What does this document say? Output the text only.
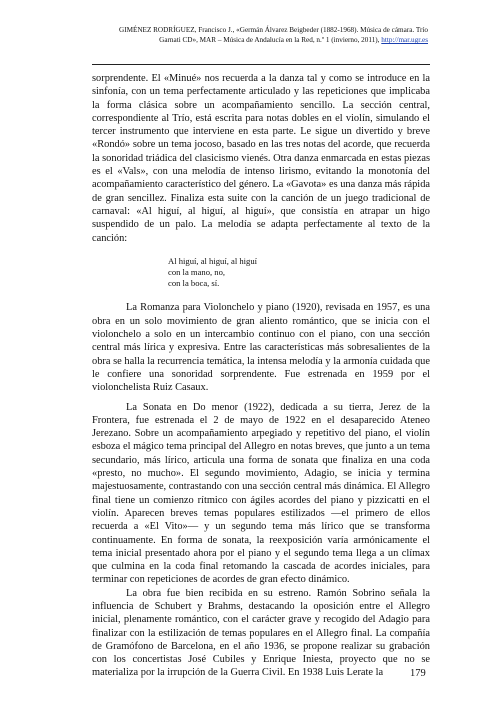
GIMÉNEZ RODRÍGUEZ, Francisco J., «Germán Álvarez Beigbeder (1882-1968). Música de cámara. Trío Garnati CD», MAR – Música de Andalucía en la Red, n.º 1 (invierno, 2011), http://mar.ugr.es

sorprendente. El «Minué» nos recuerda a la danza tal y como se introduce en la sinfonía, con un tema perfectamente articulado y las repeticiones que implicaba la forma clásica sobre un acompañamiento sencillo. La sección central, correspondiente al Trío, está escrita para notas dobles en el violín, simulando el tercer instrumento que interviene en esta parte. Le sigue un divertido y breve «Rondó» sobre un tema jocoso, basado en las tres notas del acorde, que recuerda la sonoridad triádica del clasicismo vienés. Otra danza enmarcada en estas piezas es el «Vals», con una melodía de intenso lirismo, evitando la monotonía del acompañamiento característico del género. La «Gavota» es una danza más rápida de gran sencillez. Finaliza esta suite con la canción de un juego tradicional de carnaval: «Al higuí, al higuí, al higuí», que consistía en atrapar un higo suspendido de un palo. La melodía se adapta perfectamente al texto de la canción:

Al higuí, al higuí, al higuí
con la mano, no,
con la boca, sí.

La Romanza para Violonchelo y piano (1920), revisada en 1957, es una obra en un solo movimiento de gran aliento romántico, que se inicia con el violonchelo a solo en un intercambio continuo con el piano, con una sección central más lírica y expresiva. Entre las características más sobresalientes de la obra se halla la recurrencia temática, la intensa melodía y la armonía cuidada que le confiere una sonoridad sorprendente. Fue estrenada en 1959 por el violonchelista Ruiz Casaux.

La Sonata en Do menor (1922), dedicada a su tierra, Jerez de la Frontera, fue estrenada el 2 de mayo de 1922 en el desaparecido Ateneo Jerezano. Sobre un acompañamiento arpegiado y repetitivo del piano, el violín esboza el mágico tema principal del Allegro en notas breves, que junto a un tema secundario, más lírico, articula una forma de sonata que finaliza en una coda «presto, no mucho». El segundo movimiento, Adagio, se inicia y termina majestuosamente, contrastando con una sección central más dinámica. El Allegro final tiene un comienzo rítmico con ágiles acordes del piano y pizzicatti en el violín. Aparecen breves temas populares estilizados —el primero de ellos recuerda a «El Vito»— y un segundo tema más lírico que se transforma continuamente. En forma de sonata, la reexposición varía armónicamente el tema inicial presentado ahora por el piano y el segundo tema llega a un clímax que culmina en la coda final retomando la cascada de acordes iniciales, para terminar con repeticiones de acordes de gran efecto dinámico.

La obra fue bien recibida en su estreno. Ramón Sobrino señala la influencia de Schubert y Brahms, destacando la oposición entre el Allegro inicial, plenamente romántico, con el carácter grave y recogido del Adagio para finalizar con la estilización de temas populares en el Allegro final. La compañía de Gramófono de Barcelona, en el año 1936, se propone realizar su grabación con los concertistas José Cubiles y Enrique Iniesta, proyecto que no se materializa por la irrupción de la Guerra Civil. En 1938 Luis Lerate la	179
